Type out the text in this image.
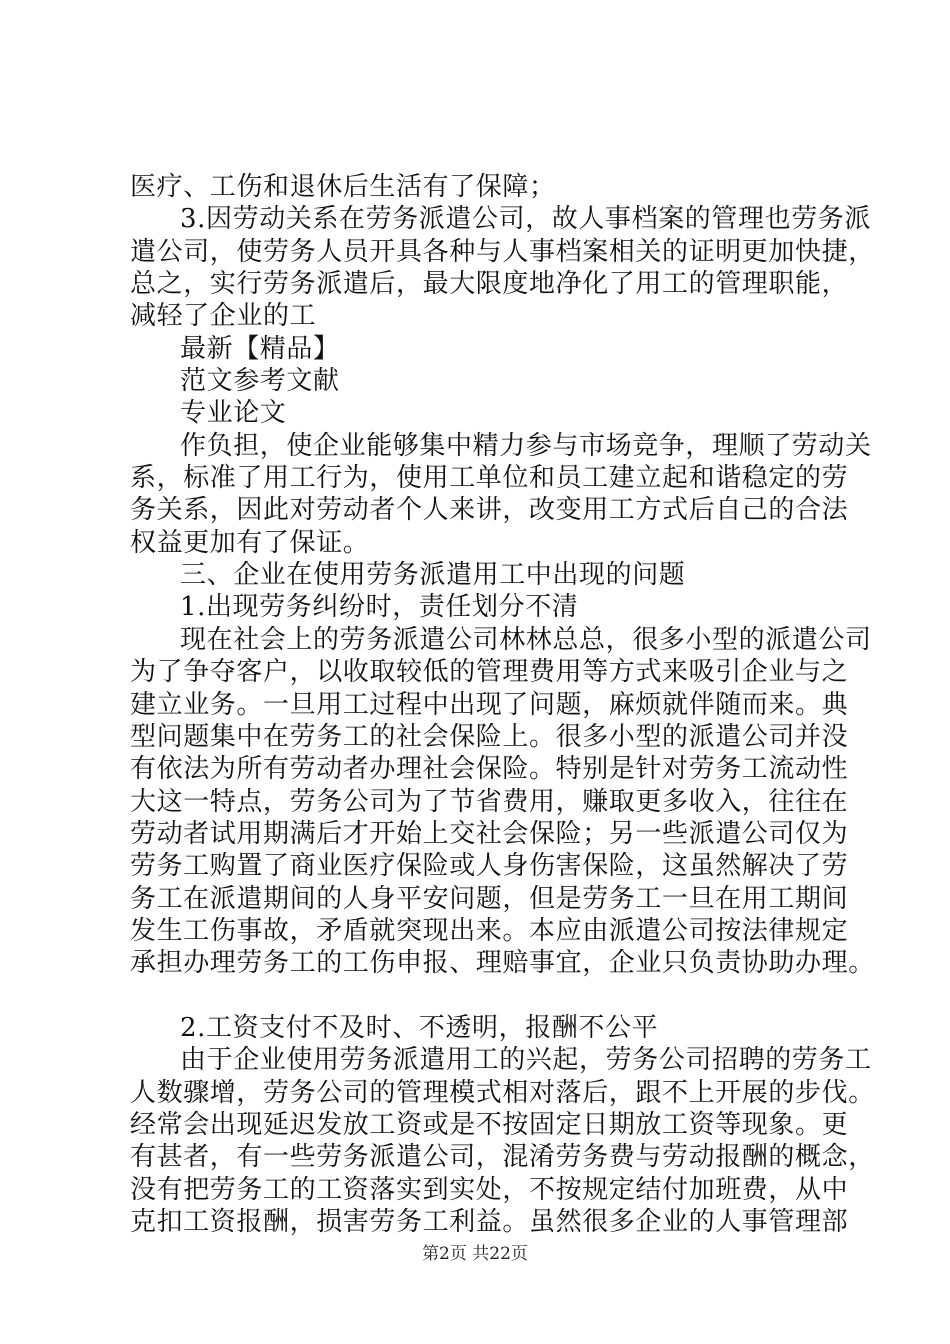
医疗、工伤和退休后生活有了保障；
3.因劳动关系在劳务派遣公司，故人事档案的管理也劳务派
遣公司，使劳务人员开具各种与人事档案相关的证明更加快捷，
总之，实行劳务派遣后，最大限度地净化了用工的管理职能，
减轻了企业的工
最新【精品】
范文参考文献
专业论文
作负担，使企业能够集中精力参与市场竞争，理顺了劳动关
系，标准了用工行为，使用工单位和员工建立起和谐稳定的劳
务关系，因此对劳动者个人来讲，改变用工方式后自己的合法
权益更加有了保证。
三、企业在使用劳务派遣用工中出现的问题
1.出现劳务纠纷时，责任划分不清
现在社会上的劳务派遣公司林林总总，很多小型的派遣公司
为了争夺客户，以收取较低的管理费用等方式来吸引企业与之
建立业务。一旦用工过程中出现了问题，麻烦就伴随而来。典
型问题集中在劳务工的社会保险上。很多小型的派遣公司并没
有依法为所有劳动者办理社会保险。特别是针对劳务工流动性
大这一特点，劳务公司为了节省费用，赚取更多收入，往往在
劳动者试用期满后才开始上交社会保险；另一些派遣公司仅为
劳务工购置了商业医疗保险或人身伤害保险，这虽然解决了劳
务工在派遣期间的人身平安问题，但是劳务工一旦在用工期间
发生工伤事故，矛盾就突现出来。本应由派遣公司按法律规定
承担办理劳务工的工伤申报、理赔事宜，企业只负责协助办理。
2.工资支付不及时、不透明，报酬不公平
由于企业使用劳务派遣用工的兴起，劳务公司招聘的劳务工
人数骤增，劳务公司的管理模式相对落后，跟不上开展的步伐。
经常会出现延迟发放工资或是不按固定日期放工资等现象。更
有甚者，有一些劳务派遣公司，混淆劳务费与劳动报酬的概念，
没有把劳务工的工资落实到实处，不按规定结付加班费，从中
克扣工资报酬，损害劳务工利益。虽然很多企业的人事管理部
第2页 共22页
